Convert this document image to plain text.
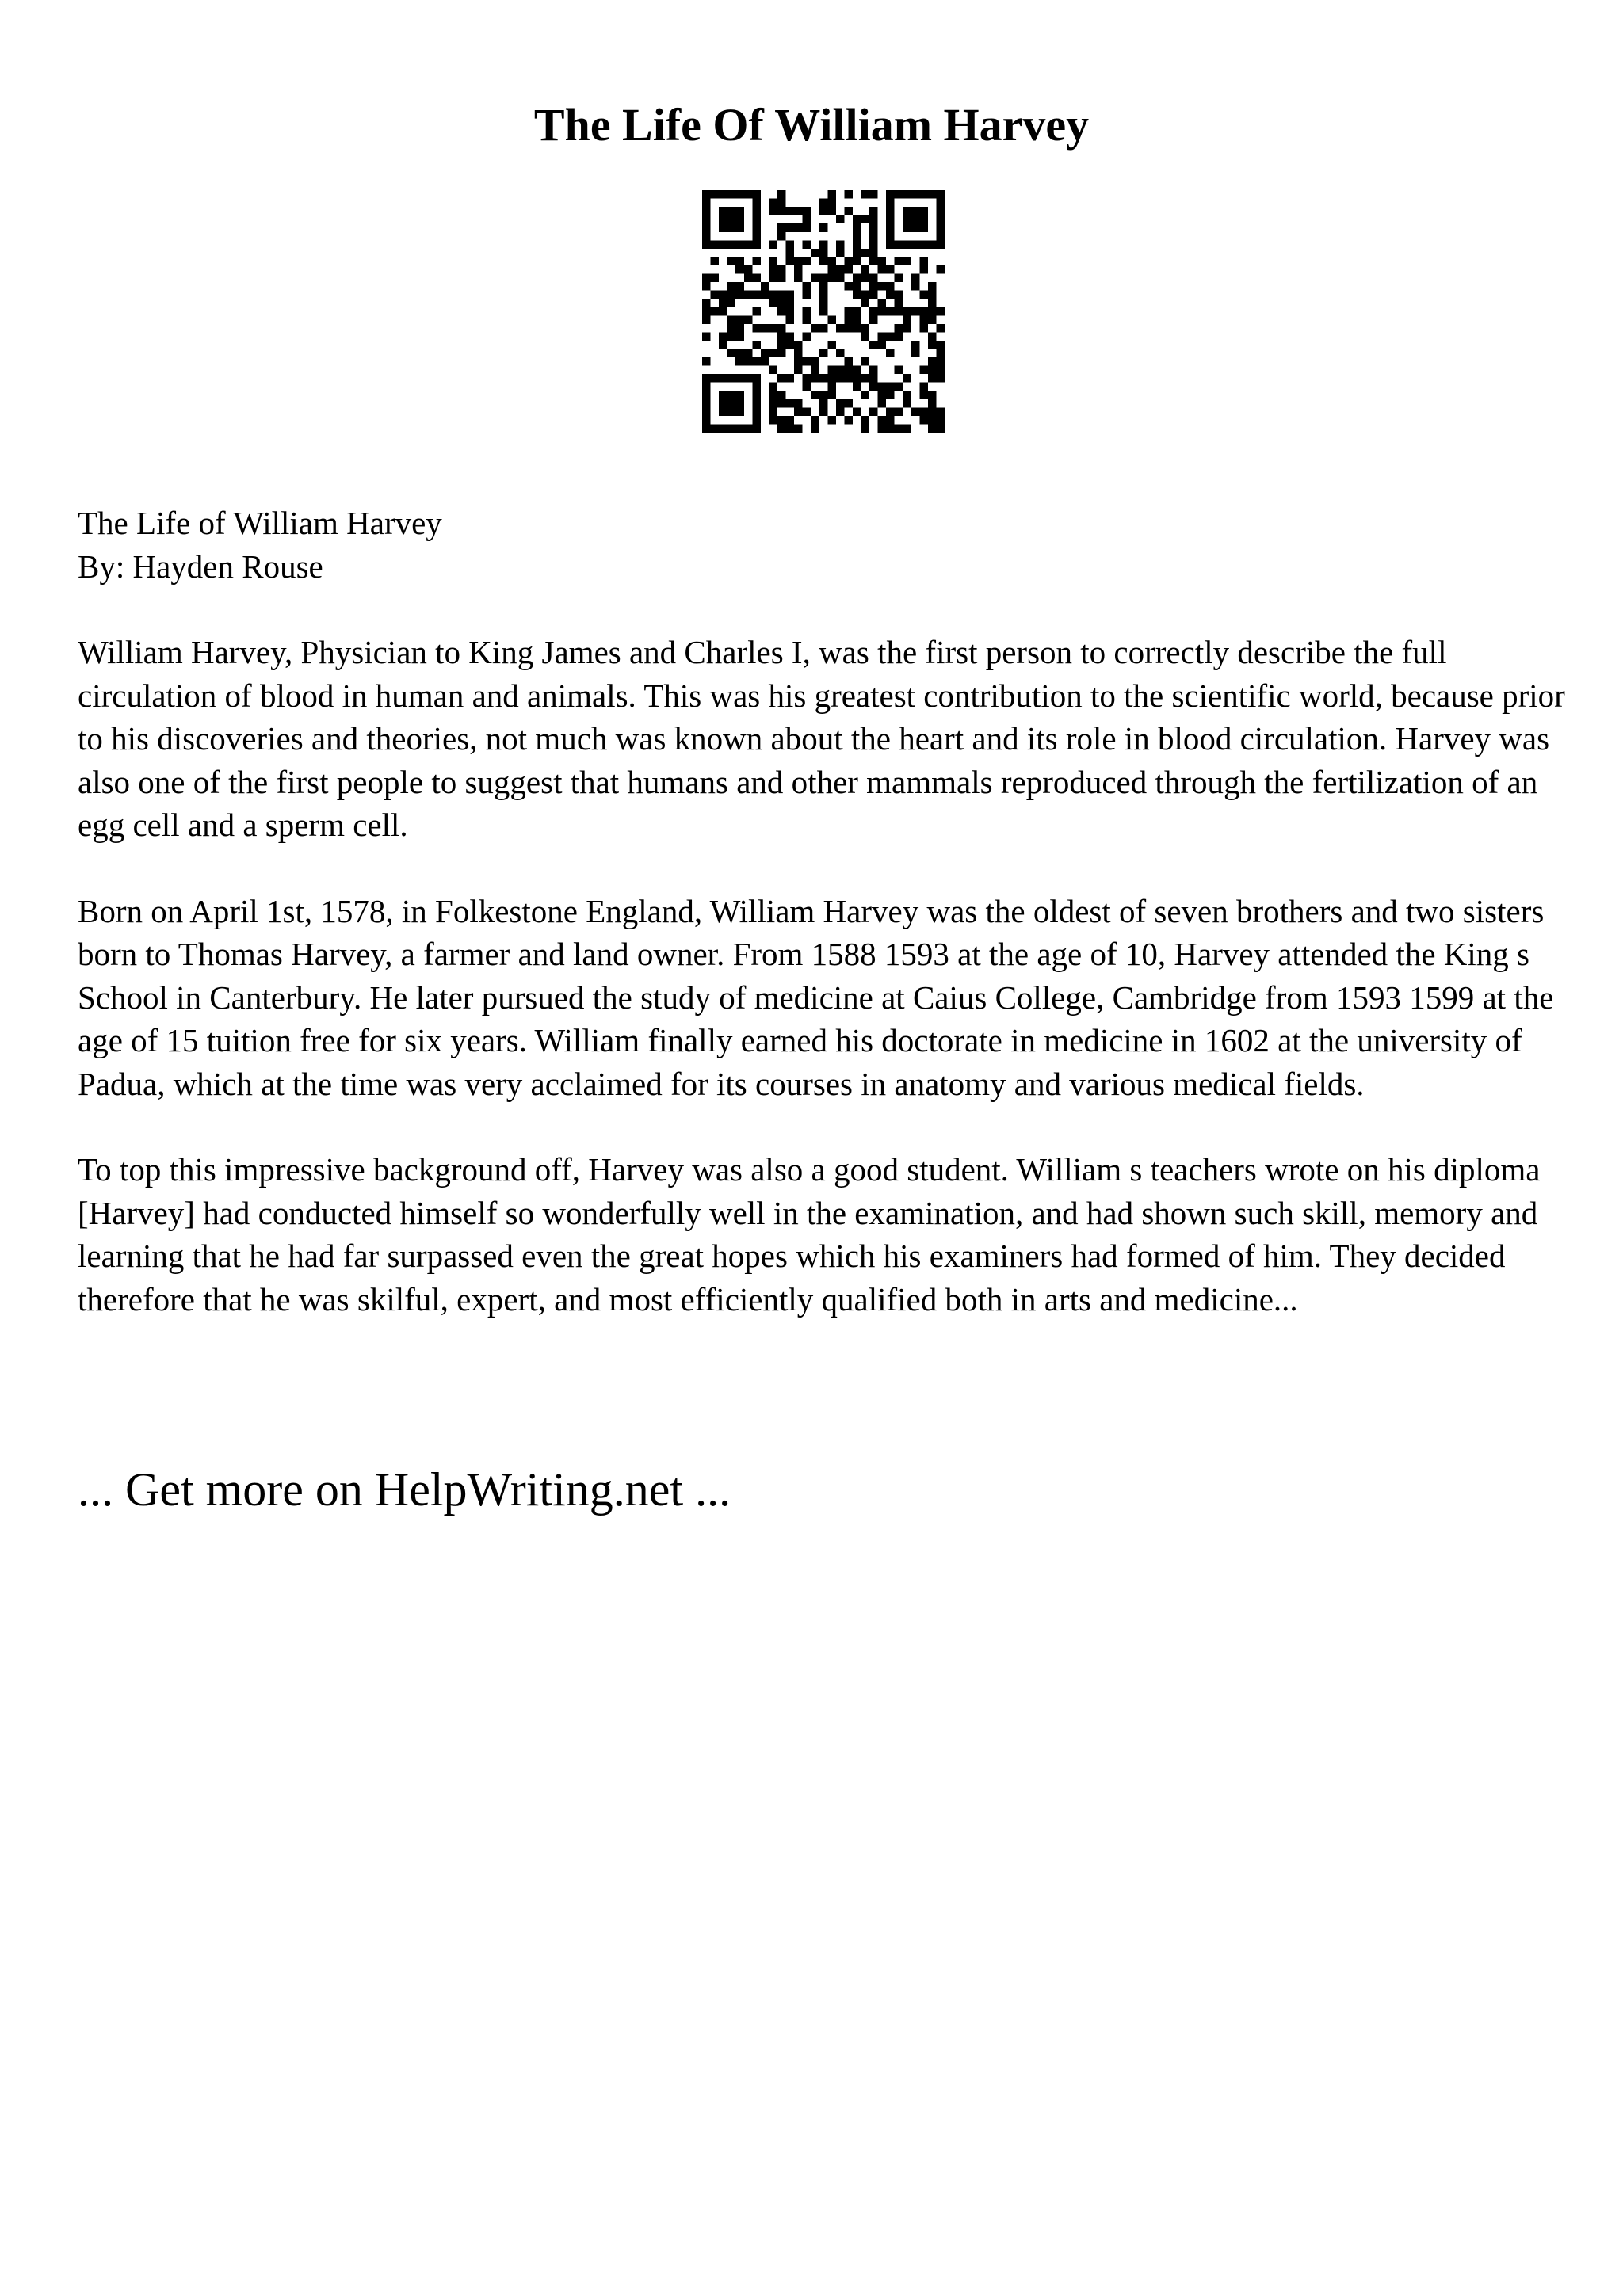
The Life Of William Harvey

The Life of William Harvey

By: Hayden Rouse

William Harvey, Physician to King James and Charles I, was the first person to correctly describe the full circulation of blood in human and animals. This was his greatest contribution to the scientific world, because prior to his discoveries and theories, not much was known about the heart and its role in blood circulation. Harvey was also one of the first people to suggest that humans and other mammals reproduced through the fertilization of an egg cell and a sperm cell.

Born on April 1st, 1578, in Folkestone England, William Harvey was the oldest of seven brothers and two sisters born to Thomas Harvey, a farmer and land owner. From 1588 1593 at the age of 10, Harvey attended the King s School in Canterbury. He later pursued the study of medicine at Caius College, Cambridge from 1593 1599 at the age of 15 tuition free for six years. William finally earned his doctorate in medicine in 1602 at the university of Padua, which at the time was very acclaimed for its courses in anatomy and various medical fields.

To top this impressive background off, Harvey was also a good student. William s teachers wrote on his diploma [Harvey] had conducted himself so wonderfully well in the examination, and had shown such skill, memory and learning that he had far surpassed even the great hopes which his examiners had formed of him. They decided therefore that he was skilful, expert, and most efficiently qualified both in arts and medicine...

... Get more on HelpWriting.net ...
